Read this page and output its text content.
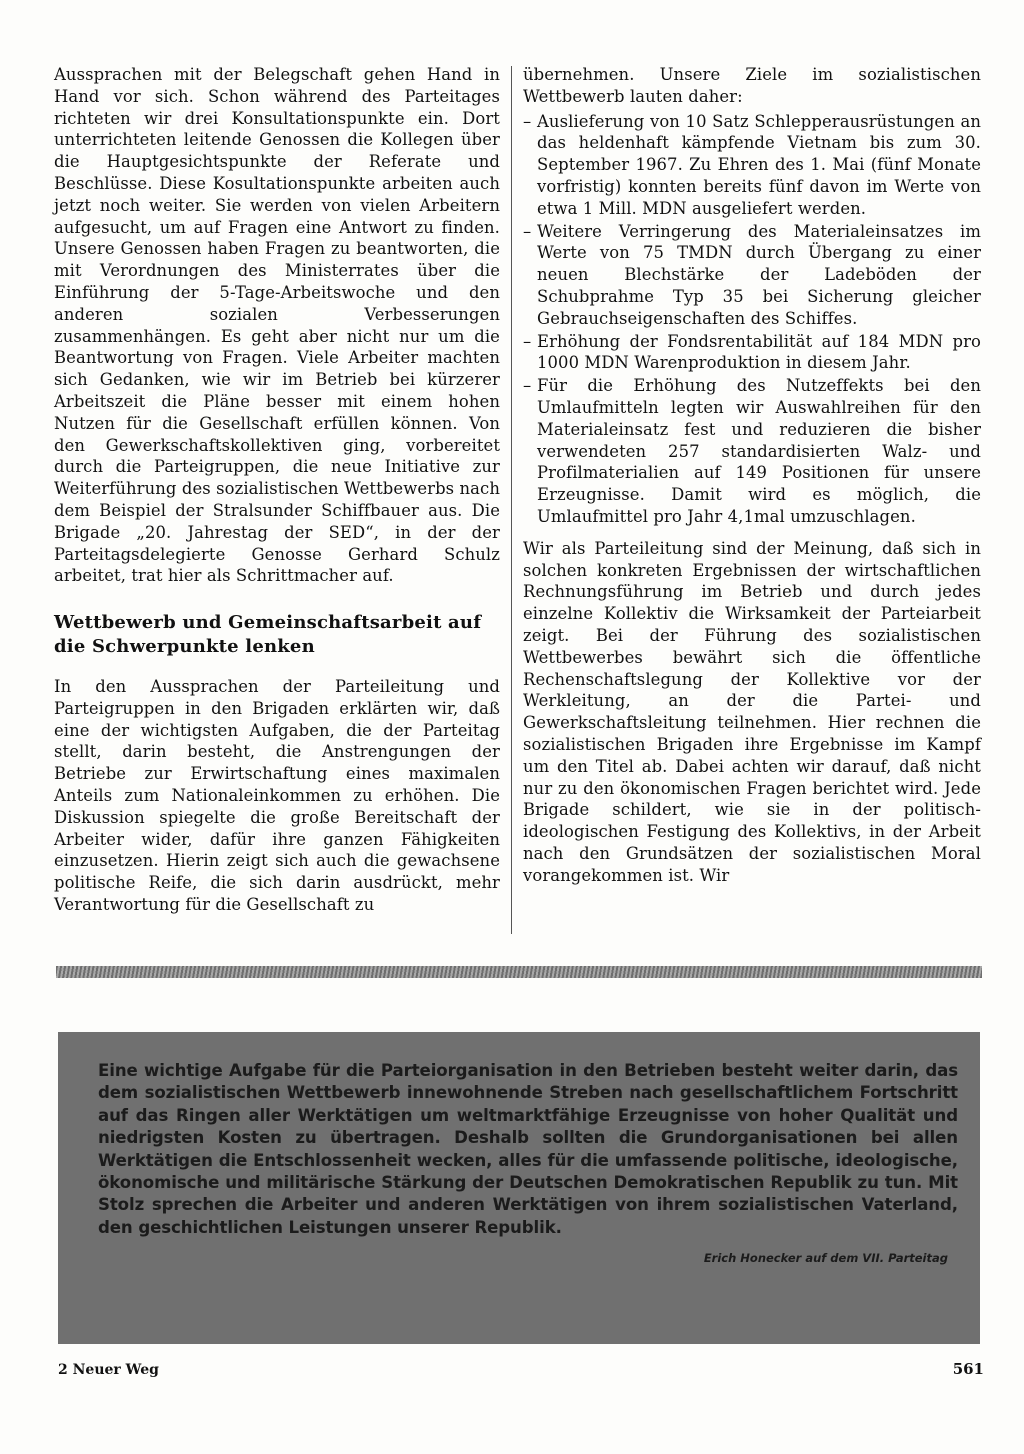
Aussprachen mit der Belegschaft gehen Hand in Hand vor sich. Schon während des Parteitages richteten wir drei Konsultationspunkte ein. Dort unterrichteten leitende Genossen die Kollegen über die Hauptgesichtspunkte der Referate und Beschlüsse. Diese Kosultationspunkte arbeiten auch jetzt noch weiter. Sie werden von vielen Arbeitern aufgesucht, um auf Fragen eine Antwort zu finden. Unsere Genossen haben Fragen zu beantworten, die mit Verordnungen des Ministerrates über die Einführung der 5-Tage-Arbeitswoche und den anderen sozialen Verbesserungen zusammenhängen. Es geht aber nicht nur um die Beantwortung von Fragen. Viele Arbeiter machten sich Gedanken, wie wir im Betrieb bei kürzerer Arbeitszeit die Pläne besser mit einem hohen Nutzen für die Gesellschaft erfüllen können. Von den Gewerkschaftskollektiven ging, vorbereitet durch die Parteigruppen, die neue Initiative zur Weiterführung des sozialistischen Wettbewerbs nach dem Beispiel der Stralsunder Schiffbauer aus. Die Brigade „20. Jahrestag der SED“, in der der Parteitagsdelegierte Genosse Gerhard Schulz arbeitet, trat hier als Schrittmacher auf.

Wettbewerb und Gemeinschaftsarbeit auf die Schwerpunkte lenken

In den Aussprachen der Parteileitung und Parteigruppen in den Brigaden erklärten wir, daß eine der wichtigsten Aufgaben, die der Parteitag stellt, darin besteht, die Anstrengungen der Betriebe zur Erwirtschaftung eines maximalen Anteils zum Nationaleinkommen zu erhöhen. Die Diskussion spiegelte die große Bereitschaft der Arbeiter wider, dafür ihre ganzen Fähigkeiten einzusetzen. Hierin zeigt sich auch die gewachsene politische Reife, die sich darin ausdrückt, mehr Verantwortung für die Gesellschaft zu

übernehmen. Unsere Ziele im sozialistischen Wettbewerb lauten daher:

– Auslieferung von 10 Satz Schlepperausrüstungen an das heldenhaft kämpfende Vietnam bis zum 30. September 1967. Zu Ehren des 1. Mai (fünf Monate vorfristig) konnten bereits fünf davon im Werte von etwa 1 Mill. MDN ausgeliefert werden.
– Weitere Verringerung des Materialeinsatzes im Werte von 75 TMDN durch Übergang zu einer neuen Blechstärke der Ladeböden der Schubprahme Typ 35 bei Sicherung gleicher Gebrauchseigenschaften des Schiffes.
– Erhöhung der Fondsrentabilität auf 184 MDN pro 1000 MDN Warenproduktion in diesem Jahr.
– Für die Erhöhung des Nutzeffekts bei den Umlaufmitteln legten wir Auswahlreihen für den Materialeinsatz fest und reduzieren die bisher verwendeten 257 standardisierten Walz- und Profilmaterialien auf 149 Positionen für unsere Erzeugnisse. Damit wird es möglich, die Umlaufmittel pro Jahr 4,1mal umzuschlagen.

Wir als Parteileitung sind der Meinung, daß sich in solchen konkreten Ergebnissen der wirtschaftlichen Rechnungsführung im Betrieb und durch jedes einzelne Kollektiv die Wirksamkeit der Parteiarbeit zeigt. Bei der Führung des sozialistischen Wettbewerbes bewährt sich die öffentliche Rechenschaftslegung der Kollektive vor der Werkleitung, an der die Partei- und Gewerkschaftsleitung teilnehmen. Hier rechnen die sozialistischen Brigaden ihre Ergebnisse im Kampf um den Titel ab. Dabei achten wir darauf, daß nicht nur zu den ökonomischen Fragen berichtet wird. Jede Brigade schildert, wie sie in der politisch-ideologischen Festigung des Kollektivs, in der Arbeit nach den Grundsätzen der sozialistischen Moral vorangekommen ist. Wir

Eine wichtige Aufgabe für die Parteiorganisation in den Betrieben besteht weiter darin, das dem sozialistischen Wettbewerb innewohnende Streben nach gesellschaftlichem Fortschritt auf das Ringen aller Werktätigen um weltmarktfähige Erzeugnisse von hoher Qualität und niedrigsten Kosten zu übertragen. Deshalb sollten die Grundorganisationen bei allen Werktätigen die Entschlossenheit wecken, alles für die umfassende politische, ideologische, ökonomische und militärische Stärkung der Deutschen Demokratischen Republik zu tun. Mit Stolz sprechen die Arbeiter und anderen Werktätigen von ihrem sozialistischen Vaterland, den geschichtlichen Leistungen unserer Republik.

Erich Honecker auf dem VII. Parteitag
2 Neuer Weg	561
